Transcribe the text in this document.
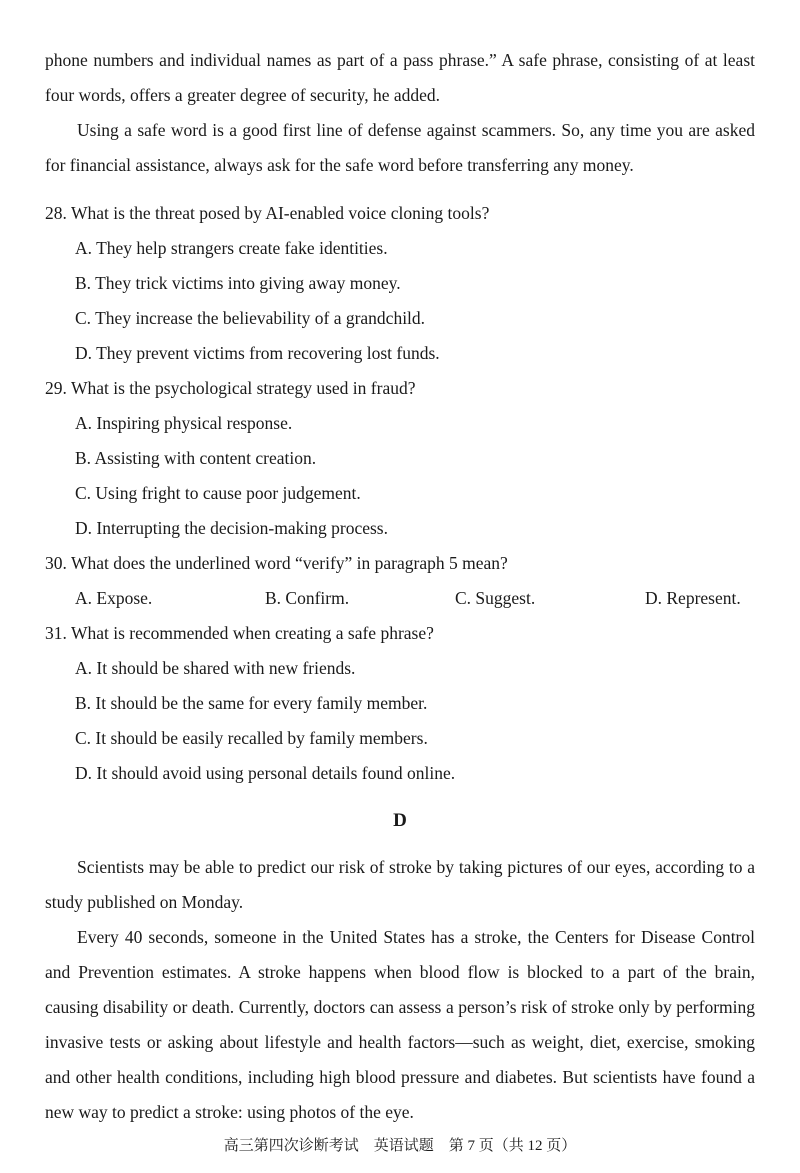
phone numbers and individual names as part of a pass phrase.” A safe phrase, consisting of at least four words, offers a greater degree of security, he added.
Using a safe word is a good first line of defense against scammers. So, any time you are asked for financial assistance, always ask for the safe word before transferring any money.
28. What is the threat posed by AI-enabled voice cloning tools?
A. They help strangers create fake identities.
B. They trick victims into giving away money.
C. They increase the believability of a grandchild.
D. They prevent victims from recovering lost funds.
29. What is the psychological strategy used in fraud?
A. Inspiring physical response.
B. Assisting with content creation.
C. Using fright to cause poor judgement.
D. Interrupting the decision-making process.
30. What does the underlined word “verify” in paragraph 5 mean?
A. Expose.	B. Confirm.	C. Suggest.	D. Represent.
31. What is recommended when creating a safe phrase?
A. It should be shared with new friends.
B. It should be the same for every family member.
C. It should be easily recalled by family members.
D. It should avoid using personal details found online.
D
Scientists may be able to predict our risk of stroke by taking pictures of our eyes, according to a study published on Monday.
Every 40 seconds, someone in the United States has a stroke, the Centers for Disease Control and Prevention estimates. A stroke happens when blood flow is blocked to a part of the brain, causing disability or death. Currently, doctors can assess a person’s risk of stroke only by performing invasive tests or asking about lifestyle and health factors—such as weight, diet, exercise, smoking and other health conditions, including high blood pressure and diabetes. But scientists have found a new way to predict a stroke: using photos of the eye.
高三第四次诊断考试　英语试题　第 7 页（共 12 页）
